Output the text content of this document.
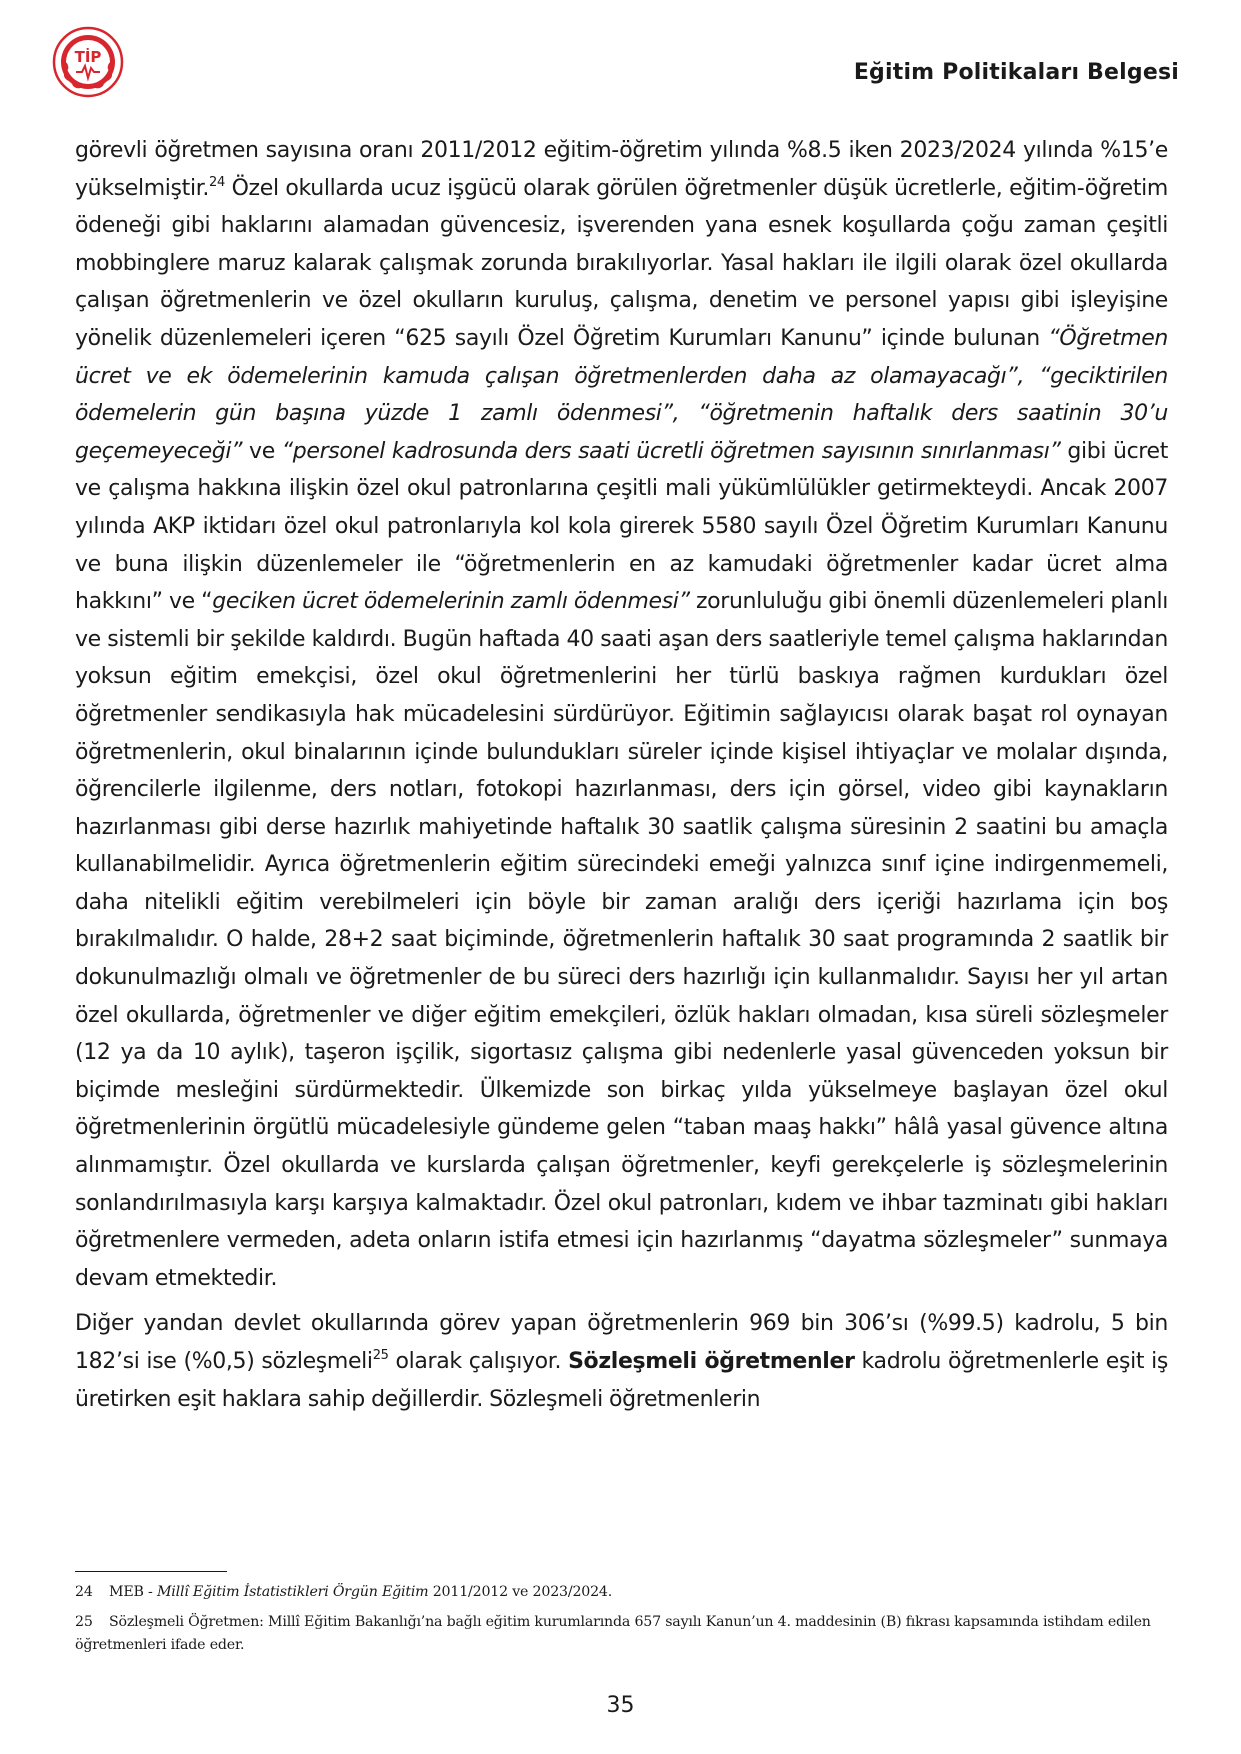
TİP
Eğitim Politikaları Belgesi

görevli öğretmen sayısına oranı 2011/2012 eğitim-öğretim yılında %8.5 iken 2023/2024 yılında %15’e yükselmiştir.$^{24}$ Özel okullarda ucuz işgücü olarak görülen öğretmenler düşük ücretlerle, eğitim-öğretim ödeneği gibi haklarını alamadan güvencesiz, işverenden yana esnek koşullarda çoğu zaman çeşitli mobbinglere maruz kalarak çalışmak zorunda bırakılıyorlar. Yasal hakları ile ilgili olarak özel okullarda çalışan öğretmenlerin ve özel okulların kuruluş, çalışma, denetim ve personel yapısı gibi işleyişine yönelik düzenlemeleri içeren “625 sayılı Özel Öğretim Kurumları Kanunu” içinde bulunan “Öğretmen ücret ve ek ödemelerinin kamuda çalışan öğretmenlerden daha az olamayacağı”, “geciktirilen ödemelerin gün başına yüzde 1 zamlı ödenmesi”, “öğretmenin haftalık ders saatinin 30’u geçemeyeceği” ve “personel kadrosunda ders saati ücretli öğretmen sayısının sınırlanması” gibi ücret ve çalışma hakkına ilişkin özel okul patronlarına çeşitli mali yükümlülükler getirmekteydi. Ancak 2007 yılında AKP iktidarı özel okul patronlarıyla kol kola girerek 5580 sayılı Özel Öğretim Kurumları Kanunu ve buna ilişkin düzenlemeler ile “öğretmenlerin en az kamudaki öğretmenler kadar ücret alma hakkını” ve “geciken ücret ödemelerinin zamlı ödenmesi” zorunluluğu gibi önemli düzenlemeleri planlı ve sistemli bir şekilde kaldırdı. Bugün haftada 40 saati aşan ders saatleriyle temel çalışma haklarından yoksun eğitim emekçisi, özel okul öğretmenlerini her türlü baskıya rağmen kurdukları özel öğretmenler sendikasıyla hak mücadelesini sürdürüyor. Eğitimin sağlayıcısı olarak başat rol oynayan öğretmenlerin, okul binalarının içinde bulundukları süreler içinde kişisel ihtiyaçlar ve molalar dışında, öğrencilerle ilgilenme, ders notları, fotokopi hazırlanması, ders için görsel, video gibi kaynakların hazırlanması gibi derse hazırlık mahiyetinde haftalık 30 saatlik çalışma süresinin 2 saatini bu amaçla kullanabilmelidir. Ayrıca öğretmenlerin eğitim sürecindeki emeği yalnızca sınıf içine indirgenmemeli, daha nitelikli eğitim verebilmeleri için böyle bir zaman aralığı ders içeriği hazırlama için boş bırakılmalıdır. O halde, 28+2 saat biçiminde, öğretmenlerin haftalık 30 saat programında 2 saatlik bir dokunulmazlığı olmalı ve öğretmenler de bu süreci ders hazırlığı için kullanmalıdır. Sayısı her yıl artan özel okullarda, öğretmenler ve diğer eğitim emekçileri, özlük hakları olmadan, kısa süreli sözleşmeler (12 ya da 10 aylık), taşeron işçilik, sigortasız çalışma gibi nedenlerle yasal güvenceden yoksun bir biçimde mesleğini sürdürmektedir. Ülkemizde son birkaç yılda yükselmeye başlayan özel okul öğretmenlerinin örgütlü mücadelesiyle gündeme gelen “taban maaş hakkı” hâlâ yasal güvence altına alınmamıştır. Özel okullarda ve kurslarda çalışan öğretmenler, keyfi gerekçelerle iş sözleşmelerinin sonlandırılmasıyla karşı karşıya kalmaktadır. Özel okul patronları, kıdem ve ihbar tazminatı gibi hakları öğretmenlere vermeden, adeta onların istifa etmesi için hazırlanmış “dayatma sözleşmeler” sunmaya devam etmektedir.

Diğer yandan devlet okullarında görev yapan öğretmenlerin 969 bin 306’sı (%99.5) kadrolu, 5 bin 182’si ise (%0,5) sözleşmeli$^{25}$ olarak çalışıyor. Sözleşmeli öğretmenler kadrolu öğretmenlerle eşit iş üretirken eşit haklara sahip değillerdir. Sözleşmeli öğretmenlerin

24 MEB - Millî Eğitim İstatistikleri Örgün Eğitim 2011/2012 ve 2023/2024.

25 Sözleşmeli Öğretmen: Millî Eğitim Bakanlığı’na bağlı eğitim kurumlarında 657 sayılı Kanun’un 4. maddesinin (B) fıkrası kapsamında istihdam edilen öğretmenleri ifade eder.

35
